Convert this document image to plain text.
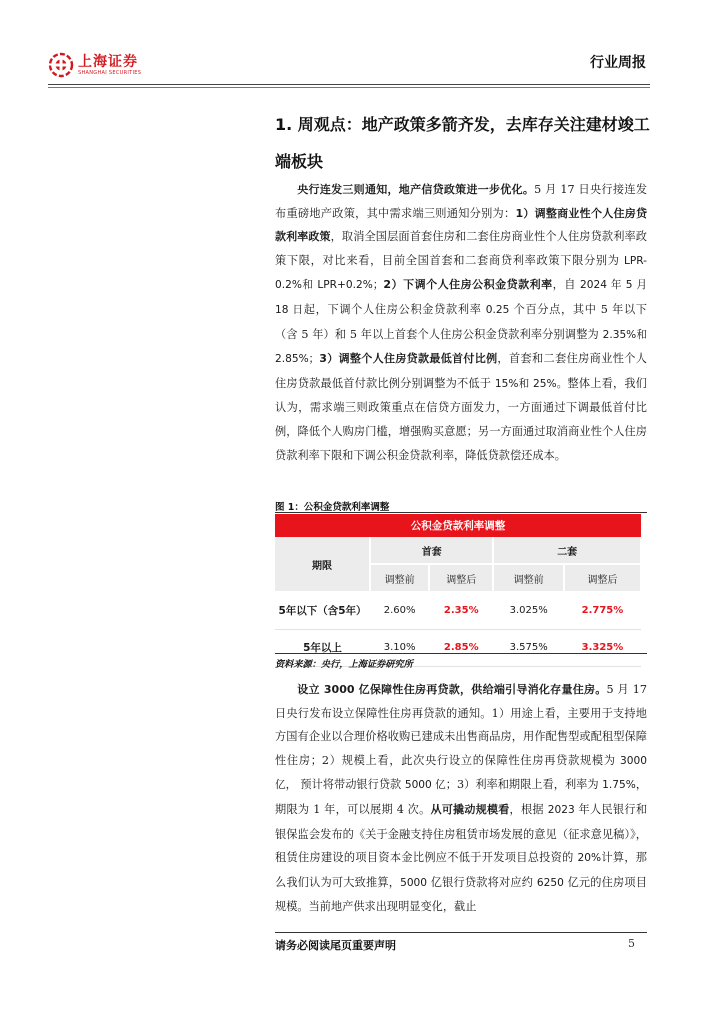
上海证券
SHANGHAI SECURITIES
行业周报
1. 周观点：地产政策多箭齐发，去库存关注建材竣工端板块
央行连发三则通知，地产信贷政策进一步优化。5 月 17 日央行接连发布重磅地产政策，其中需求端三则通知分别为：1）调整商业性个人住房贷款利率政策，取消全国层面首套住房和二套住房商业性个人住房贷款利率政策下限，对比来看，目前全国首套和二套商贷利率政策下限分别为 LPR-0.2%和 LPR+0.2%；2）下调个人住房公积金贷款利率，自 2024 年 5 月 18 日起，下调个人住房公积金贷款利率 0.25 个百分点，其中 5 年以下（含 5 年）和 5 年以上首套个人住房公积金贷款利率分别调整为 2.35%和 2.85%；3）调整个人住房贷款最低首付比例，首套和二套住房商业性个人住房贷款最低首付款比例分别调整为不低于 15%和 25%。整体上看，我们认为，需求端三则政策重点在信贷方面发力，一方面通过下调最低首付比例，降低个人购房门槛，增强购买意愿；另一方面通过取消商业性个人住房贷款利率下限和下调公积金贷款利率，降低贷款偿还成本。
图 1：公积金贷款利率调整
公积金贷款利率调整				
期限	首套		二套	
	调整前	调整后	调整前	调整后
5年以下（含5年）	2.60%	2.35%	3.025%	2.775%
5年以上	3.10%	2.85%	3.575%	3.325%
资料来源：央行，上海证券研究所
设立 3000 亿保障性住房再贷款，供给端引导消化存量住房。5 月 17 日央行发布设立保障性住房再贷款的通知。1）用途上看，主要用于支持地方国有企业以合理价格收购已建成未出售商品房，用作配售型或配租型保障性住房；2）规模上看，此次央行设立的保障性住房再贷款规模为 3000 亿， 预计将带动银行贷款 5000 亿；3）利率和期限上看，利率为 1.75%，期限为 1 年，可以展期 4 次。从可撬动规模看，根据 2023 年人民银行和银保监会发布的《关于金融支持住房租赁市场发展的意见（征求意见稿）》，租赁住房建设的项目资本金比例应不低于开发项目总投资的 20%计算，那么我们认为可大致推算，5000 亿银行贷款将对应约 6250 亿元的住房项目规模。当前地产供求出现明显变化，截止
请务必阅读尾页重要声明	5
